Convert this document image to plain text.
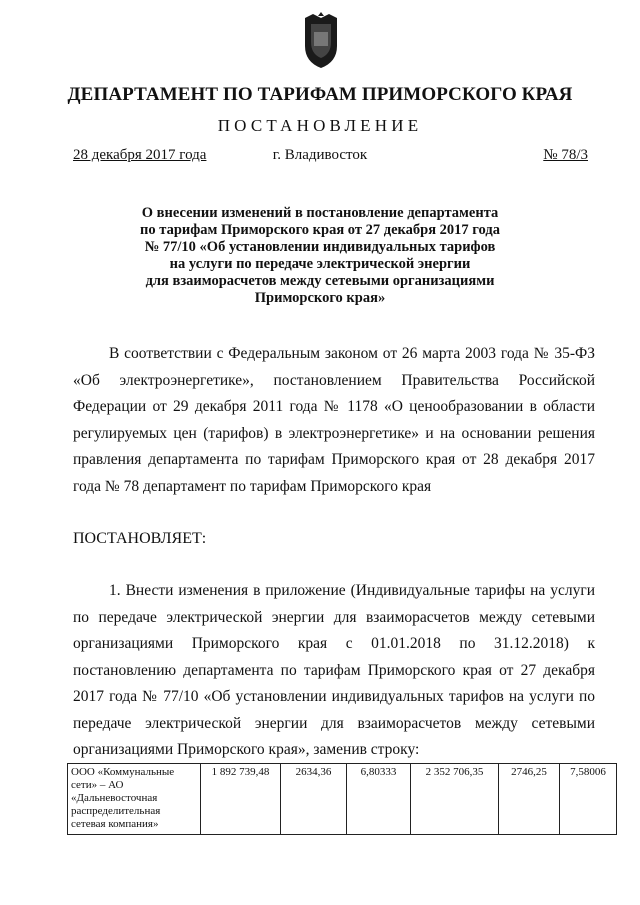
ДЕПАРТАМЕНТ ПО ТАРИФАМ ПРИМОРСКОГО КРАЯ
ПОСТАНОВЛЕНИЕ
28 декабря 2017 года	г. Владивосток	№ 78/3
О внесении изменений в постановление департамента
по тарифам Приморского края от 27 декабря 2017 года
№ 77/10 «Об установлении индивидуальных тарифов
на услуги по передаче электрической энергии
для взаиморасчетов между сетевыми организациями
Приморского края»

В соответствии с Федеральным законом от 26 марта 2003 года № 35-ФЗ «Об электроэнергетике», постановлением Правительства Российской Федерации от 29 декабря 2011 года № 1178 «О ценообразовании в области регулируемых цен (тарифов) в электроэнергетике» и на основании решения правления департамента по тарифам Приморского края от 28 декабря 2017 года № 78 департамент по тарифам Приморского края

ПОСТАНОВЛЯЕТ:

1. Внести изменения в приложение (Индивидуальные тарифы на услуги по передаче электрической энергии для взаиморасчетов между сетевыми организациями Приморского края с 01.01.2018 по 31.12.2018) к постановлению департамента по тарифам Приморского края от 27 декабря 2017 года № 77/10 «Об установлении индивидуальных тарифов на услуги по передаче электрической энергии для взаиморасчетов между сетевыми организациями Приморского края», заменив строку:

ООО «Коммунальные сети» – АО «Дальневосточная распределительная сетевая компания»	1 892 739,48	2634,36	6,80333	2 352 706,35	2746,25	7,58006
